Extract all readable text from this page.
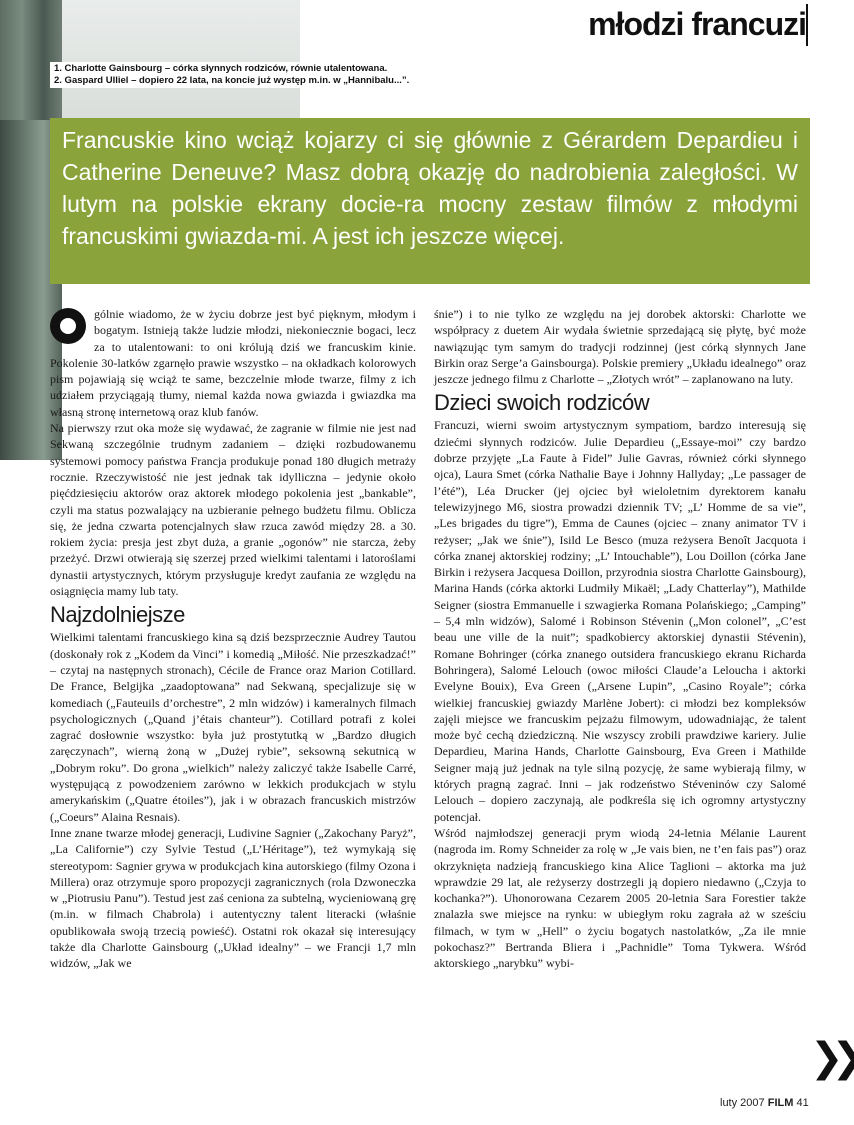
młodzi francuzi
1. Charlotte Gainsbourg – córka słynnych rodziców, równie utalentowana.
2. Gaspard Ulliel – dopiero 22 lata, na koncie już występ m.in. w „Hannibalu...”.
Francuskie kino wciąż kojarzy ci się głównie z Gérardem Depardieu i Catherine Deneuve? Masz dobrą okazję do nadrobienia zaległości. W lutym na polskie ekrany docie-ra mocny zestaw filmów z młodymi francuskimi gwiazda-mi. A jest ich jeszcze więcej.

gólnie wiadomo, że w życiu dobrze jest być pięknym, młodym i bogatym. Istnieją także ludzie młodzi, niekoniecznie bogaci, lecz za to utalentowani: to oni królują dziś we francuskim kinie. Pokolenie 30-latków zgarnęło prawie wszystko – na okładkach kolorowych pism pojawiają się wciąż te same, bezczelnie młode twarze, filmy z ich udziałem przyciągają tłumy, niemal każda nowa gwiazda i gwiazdka ma własną stronę internetową oraz klub fanów.

Na pierwszy rzut oka może się wydawać, że zagranie w filmie nie jest nad Sekwaną szczególnie trudnym zadaniem – dzięki rozbudowanemu systemowi pomocy państwa Francja produkuje ponad 180 długich metraży rocznie. Rzeczywistość nie jest jednak tak idylliczna – jedynie około pięćdziesięciu aktorów oraz aktorek młodego pokolenia jest „bankable”, czyli ma status pozwalający na uzbieranie pełnego budżetu filmu. Oblicza się, że jedna czwarta potencjalnych sław rzuca zawód między 28. a 30. rokiem życia: presja jest zbyt duża, a granie „ogonów” nie starcza, żeby przeżyć. Drzwi otwierają się szerzej przed wielkimi talentami i latoroślami dynastii artystycznych, którym przysługuje kredyt zaufania ze względu na osiągnięcia mamy lub taty.

Najzdolniejsze

Wielkimi talentami francuskiego kina są dziś bezsprzecznie Audrey Tautou (doskonały rok z „Kodem da Vinci” i komedią „Miłość. Nie przeszkadzać!” – czytaj na następnych stronach), Cécile de France oraz Marion Cotillard. De France, Belgijka „zaadoptowana” nad Sekwaną, specjalizuje się w komediach („Fauteuils d’orchestre”, 2 mln widzów) i kameralnych filmach psychologicznych („Quand j’étais chanteur”). Cotillard potrafi z kolei zagrać dosłownie wszystko: była już prostytutką w „Bardzo długich zaręczynach”, wierną żoną w „Dużej rybie”, seksowną sekutnicą w „Dobrym roku”. Do grona „wielkich” należy zaliczyć także Isabelle Carré, występującą z powodzeniem zarówno w lekkich produkcjach w stylu amerykańskim („Quatre étoiles”), jak i w obrazach francuskich mistrzów („Coeurs” Alaina Resnais).

Inne znane twarze młodej generacji, Ludivine Sagnier („Zakochany Paryż”, „La Californie”) czy Sylvie Testud („L’Héritage”), też wymykają się stereotypom: Sagnier grywa w produkcjach kina autorskiego (filmy Ozona i Millera) oraz otrzymuje sporo propozycji zagranicznych (rola Dzwoneczka w „Piotrusiu Panu”). Testud jest zaś ceniona za subtelną, wycieniowaną grę (m.in. w filmach Chabrola) i autentyczny talent literacki (właśnie opublikowała swoją trzecią powieść). Ostatni rok okazał się interesujący także dla Charlotte Gainsbourg („Układ idealny” – we Francji 1,7 mln widzów, „Jak we

śnie”) i to nie tylko ze względu na jej dorobek aktorski: Charlotte we współpracy z duetem Air wydała świetnie sprzedającą się płytę, być może nawiązując tym samym do tradycji rodzinnej (jest córką słynnych Jane Birkin oraz Serge’a Gainsbourga). Polskie premiery „Układu idealnego” oraz jeszcze jednego filmu z Charlotte – „Złotych wrót” – zaplanowano na luty.

Dzieci swoich rodziców

Francuzi, wierni swoim artystycznym sympatiom, bardzo interesują się dziećmi słynnych rodziców. Julie Depardieu („Essaye-moi” czy bardzo dobrze przyjęte „La Faute à Fidel” Julie Gavras, również córki słynnego ojca), Laura Smet (córka Nathalie Baye i Johnny Hallyday; „Le passager de l’été”), Léa Drucker (jej ojciec był wieloletnim dyrektorem kanału telewizyjnego M6, siostra prowadzi dziennik TV; „L’ Homme de sa vie”, „Les brigades du tigre”), Emma de Caunes (ojciec – znany animator TV i reżyser; „Jak we śnie”), Isild Le Besco (muza reżysera Benoît Jacquota i córka znanej aktorskiej rodziny; „L’ Intouchable”), Lou Doillon (córka Jane Birkin i reżysera Jacquesa Doillon, przyrodnia siostra Charlotte Gainsbourg), Marina Hands (córka aktorki Ludmiły Mikaël; „Lady Chatterlay”), Mathilde Seigner (siostra Emmanuelle i szwagierka Romana Polańskiego; „Camping” – 5,4 mln widzów), Salomé i Robinson Stévenin („Mon colonel”, „C’est beau une ville de la nuit”; spadkobiercy aktorskiej dynastii Stévenin), Romane Bohringer (córka znanego outsidera francuskiego ekranu Richarda Bohringera), Salomé Lelouch (owoc miłości Claude’a Leloucha i aktorki Evelyne Bouix), Eva Green („Arsene Lupin”, „Casino Royale”; córka wielkiej francuskiej gwiazdy Marlène Jobert): ci młodzi bez kompleksów zajęli miejsce we francuskim pejzażu filmowym, udowadniając, że talent może być cechą dziedziczną. Nie wszyscy zrobili prawdziwe kariery. Julie Depardieu, Marina Hands, Charlotte Gainsbourg, Eva Green i Mathilde Seigner mają już jednak na tyle silną pozycję, że same wybierają filmy, w których pragną zagrać. Inni – jak rodzeństwo Stéveninów czy Salomé Lelouch – dopiero zaczynają, ale podkreśla się ich ogromny artystyczny potencjał.

Wśród najmłodszej generacji prym wiodą 24-letnia Mélanie Laurent (nagroda im. Romy Schneider za rolę w „Je vais bien, ne t’en fais pas”) oraz okrzyknięta nadzieją francuskiego kina Alice Taglioni – aktorka ma już wprawdzie 29 lat, ale reżyserzy dostrzegli ją dopiero niedawno („Czyja to kochanka?”). Uhonorowana Cezarem 2005 20-letnia Sara Forestier także znalazła swe miejsce na rynku: w ubiegłym roku zagrała aż w sześciu filmach, w tym w „Hell” o życiu bogatych nastolatków, „Za ile mnie pokochasz?” Bertranda Bliera i „Pachnidle” Toma Tykwera. Wśród aktorskiego „narybku” wybi-

❯❯
luty 2007 FILM 41
